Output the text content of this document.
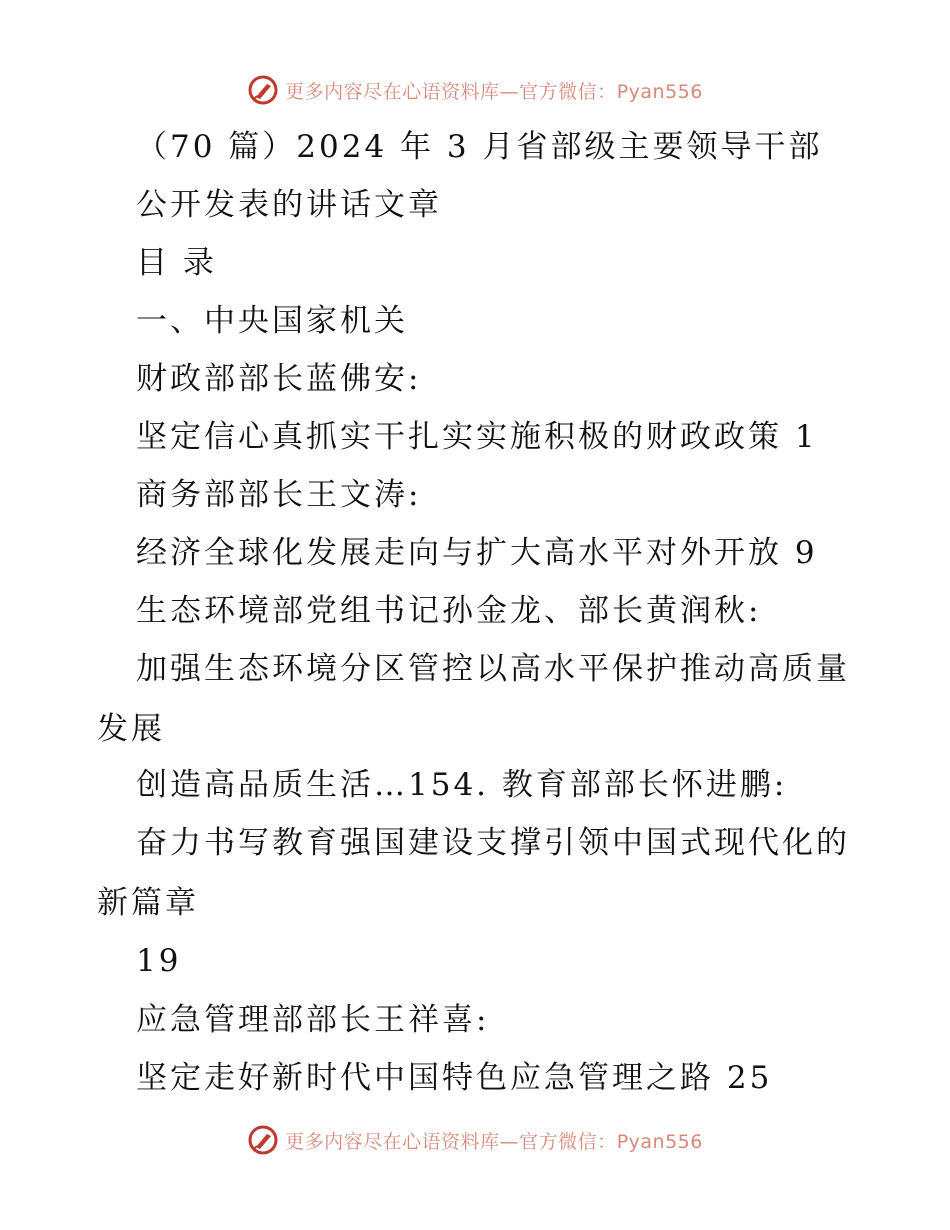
更多内容尽在心语资料库—官方微信：Pyan556
（70 篇）2024 年 3 月省部级主要领导干部
公开发表的讲话文章
目 录
一、中央国家机关
财政部部长蓝佛安:
坚定信心真抓实干扎实实施积极的财政政策 1
商务部部长王文涛:
经济全球化发展走向与扩大高水平对外开放 9
生态环境部党组书记孙金龙、部长黄润秋:
加强生态环境分区管控以高水平保护推动高质量
发展
创造高品质生活…154. 教育部部长怀进鹏:
奋力书写教育强国建设支撑引领中国式现代化的
新篇章
19
应急管理部部长王祥喜:
坚定走好新时代中国特色应急管理之路 25
更多内容尽在心语资料库—官方微信：Pyan556
